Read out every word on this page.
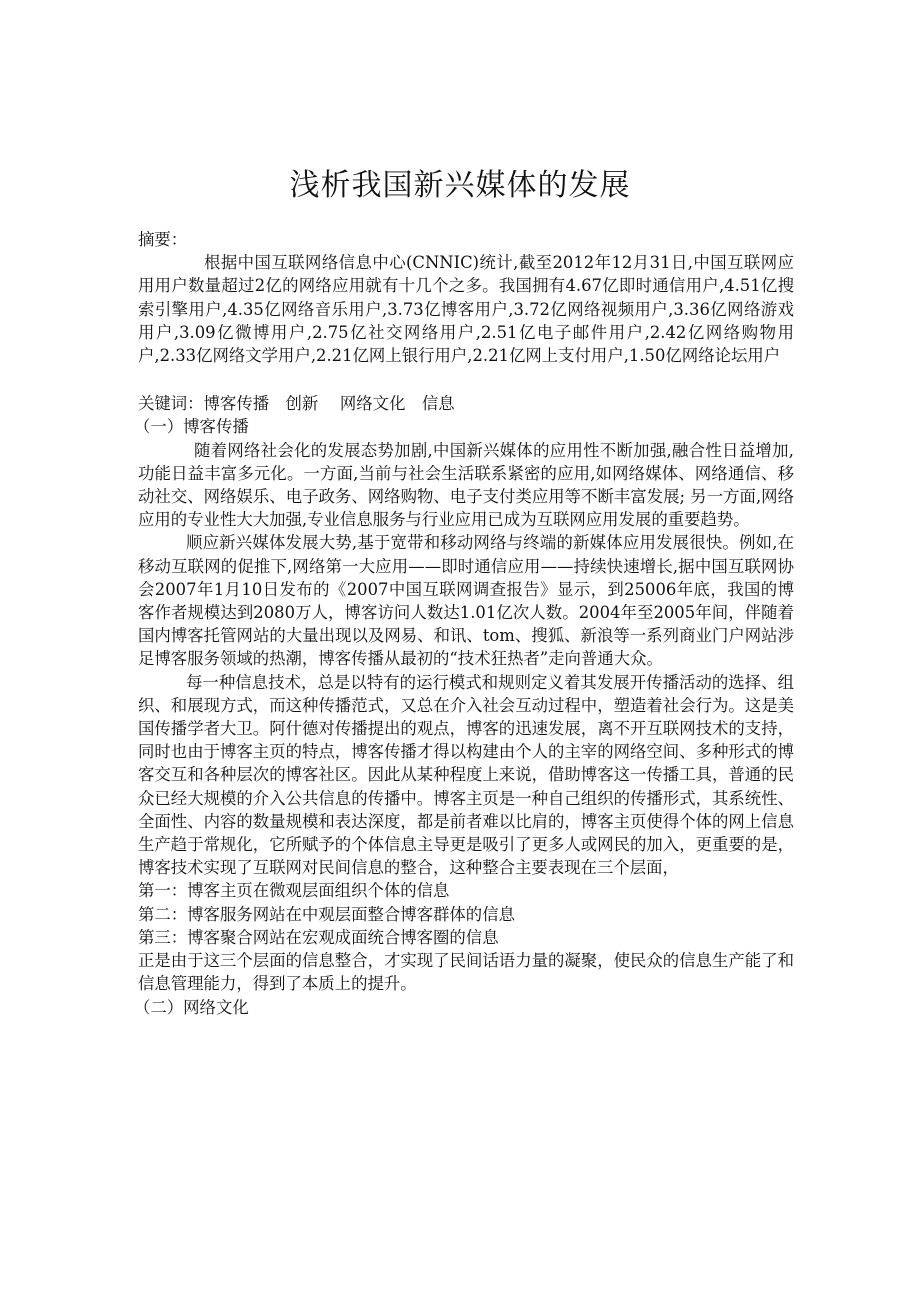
浅析我国新兴媒体的发展

摘要：

根据中国互联网络信息中心(CNNIC)统计,截至2012年12月31日,中国互联网应用用户数量超过2亿的网络应用就有十几个之多。我国拥有4.67亿即时通信用户,4.51亿搜索引擎用户,4.35亿网络音乐用户,3.73亿博客用户,3.72亿网络视频用户,3.36亿网络游戏用户,3.09亿微博用户,2.75亿社交网络用户,2.51亿电子邮件用户,2.42亿网络购物用户,2.33亿网络文学用户,2.21亿网上银行用户,2.21亿网上支付用户,1.50亿网络论坛用户

关键词：博客传播　创新　 网络文化　信息

（一）博客传播

随着网络社会化的发展态势加剧,中国新兴媒体的应用性不断加强,融合性日益增加,功能日益丰富多元化。一方面,当前与社会生活联系紧密的应用,如网络媒体、网络通信、移动社交、网络娱乐、电子政务、网络购物、电子支付类应用等不断丰富发展; 另一方面,网络应用的专业性大大加强,专业信息服务与行业应用已成为互联网应用发展的重要趋势。

顺应新兴媒体发展大势,基于宽带和移动网络与终端的新媒体应用发展很快。例如,在移动互联网的促推下,网络第一大应用——即时通信应用——持续快速增长,据中国互联网协会2007年1月10日发布的《2007中国互联网调查报告》显示，到25006年底，我国的博客作者规模达到2080万人，博客访问人数达1.01亿次人数。2004年至2005年间，伴随着国内博客托管网站的大量出现以及网易、和讯、tom、搜狐、新浪等一系列商业门户网站涉足博客服务领域的热潮，博客传播从最初的“技术狂热者”走向普通大众。

每一种信息技术，总是以特有的运行模式和规则定义着其发展开传播活动的选择、组织、和展现方式，而这种传播范式，又总在介入社会互动过程中，塑造着社会行为。这是美国传播学者大卫。阿什德对传播提出的观点，博客的迅速发展，离不开互联网技术的支持，同时也由于博客主页的特点，博客传播才得以构建由个人的主宰的网络空间、多种形式的博客交互和各种层次的博客社区。因此从某种程度上来说，借助博客这一传播工具，普通的民众已经大规模的介入公共信息的传播中。博客主页是一种自己组织的传播形式，其系统性、全面性、内容的数量规模和表达深度，都是前者难以比肩的，博客主页使得个体的网上信息生产趋于常规化，它所赋予的个体信息主导更是吸引了更多人或网民的加入，更重要的是，博客技术实现了互联网对民间信息的整合，这种整合主要表现在三个层面，

第一：博客主页在微观层面组织个体的信息

第二：博客服务网站在中观层面整合博客群体的信息

第三：博客聚合网站在宏观成面统合博客圈的信息

正是由于这三个层面的信息整合，才实现了民间话语力量的凝聚，使民众的信息生产能了和信息管理能力，得到了本质上的提升。

（二）网络文化
